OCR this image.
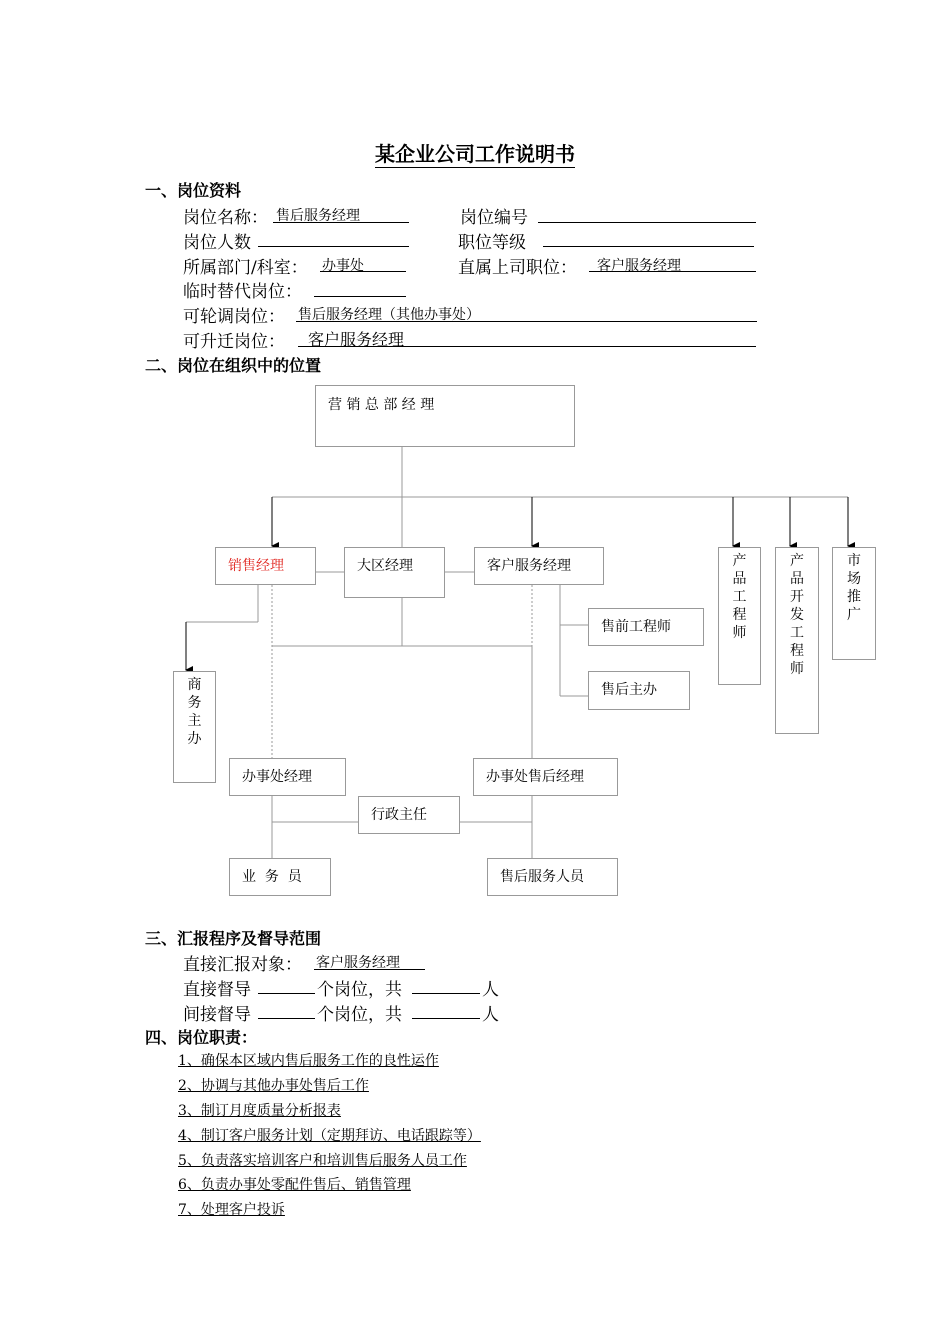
某企业公司工作说明书
一、岗位资料
岗位名称： 售后服务经理	岗位编号
岗位人数	职位等级
所属部门/科室： 办事处	直属上司职位： 客户服务经理
临时替代岗位：
可轮调岗位： 售后服务经理（其他办事处）
可升迁岗位： 客户服务经理
二、岗位在组织中的位置
营 销 总 部 经 理
销售经理	大区经理	客户服务经理	产
品
工
程
师
产
品
开
发
工
程
师
市
场
推
广
商
务
主
办
售前工程师
售后主办
办事处经理	办事处售后经理
行政主任
业  务  员	售后服务人员
三、汇报程序及督导范围
直接汇报对象： 客户服务经理
直接督导	个岗位，共	人
间接督导	个岗位，共	人
四、岗位职责：
1、确保本区域内售后服务工作的良性运作
2、协调与其他办事处售后工作
3、制订月度质量分析报表
4、制订客户服务计划（定期拜访、电话跟踪等）
5、负责落实培训客户和培训售后服务人员工作
6、负责办事处零配件售后、销售管理
7、处理客户投诉
